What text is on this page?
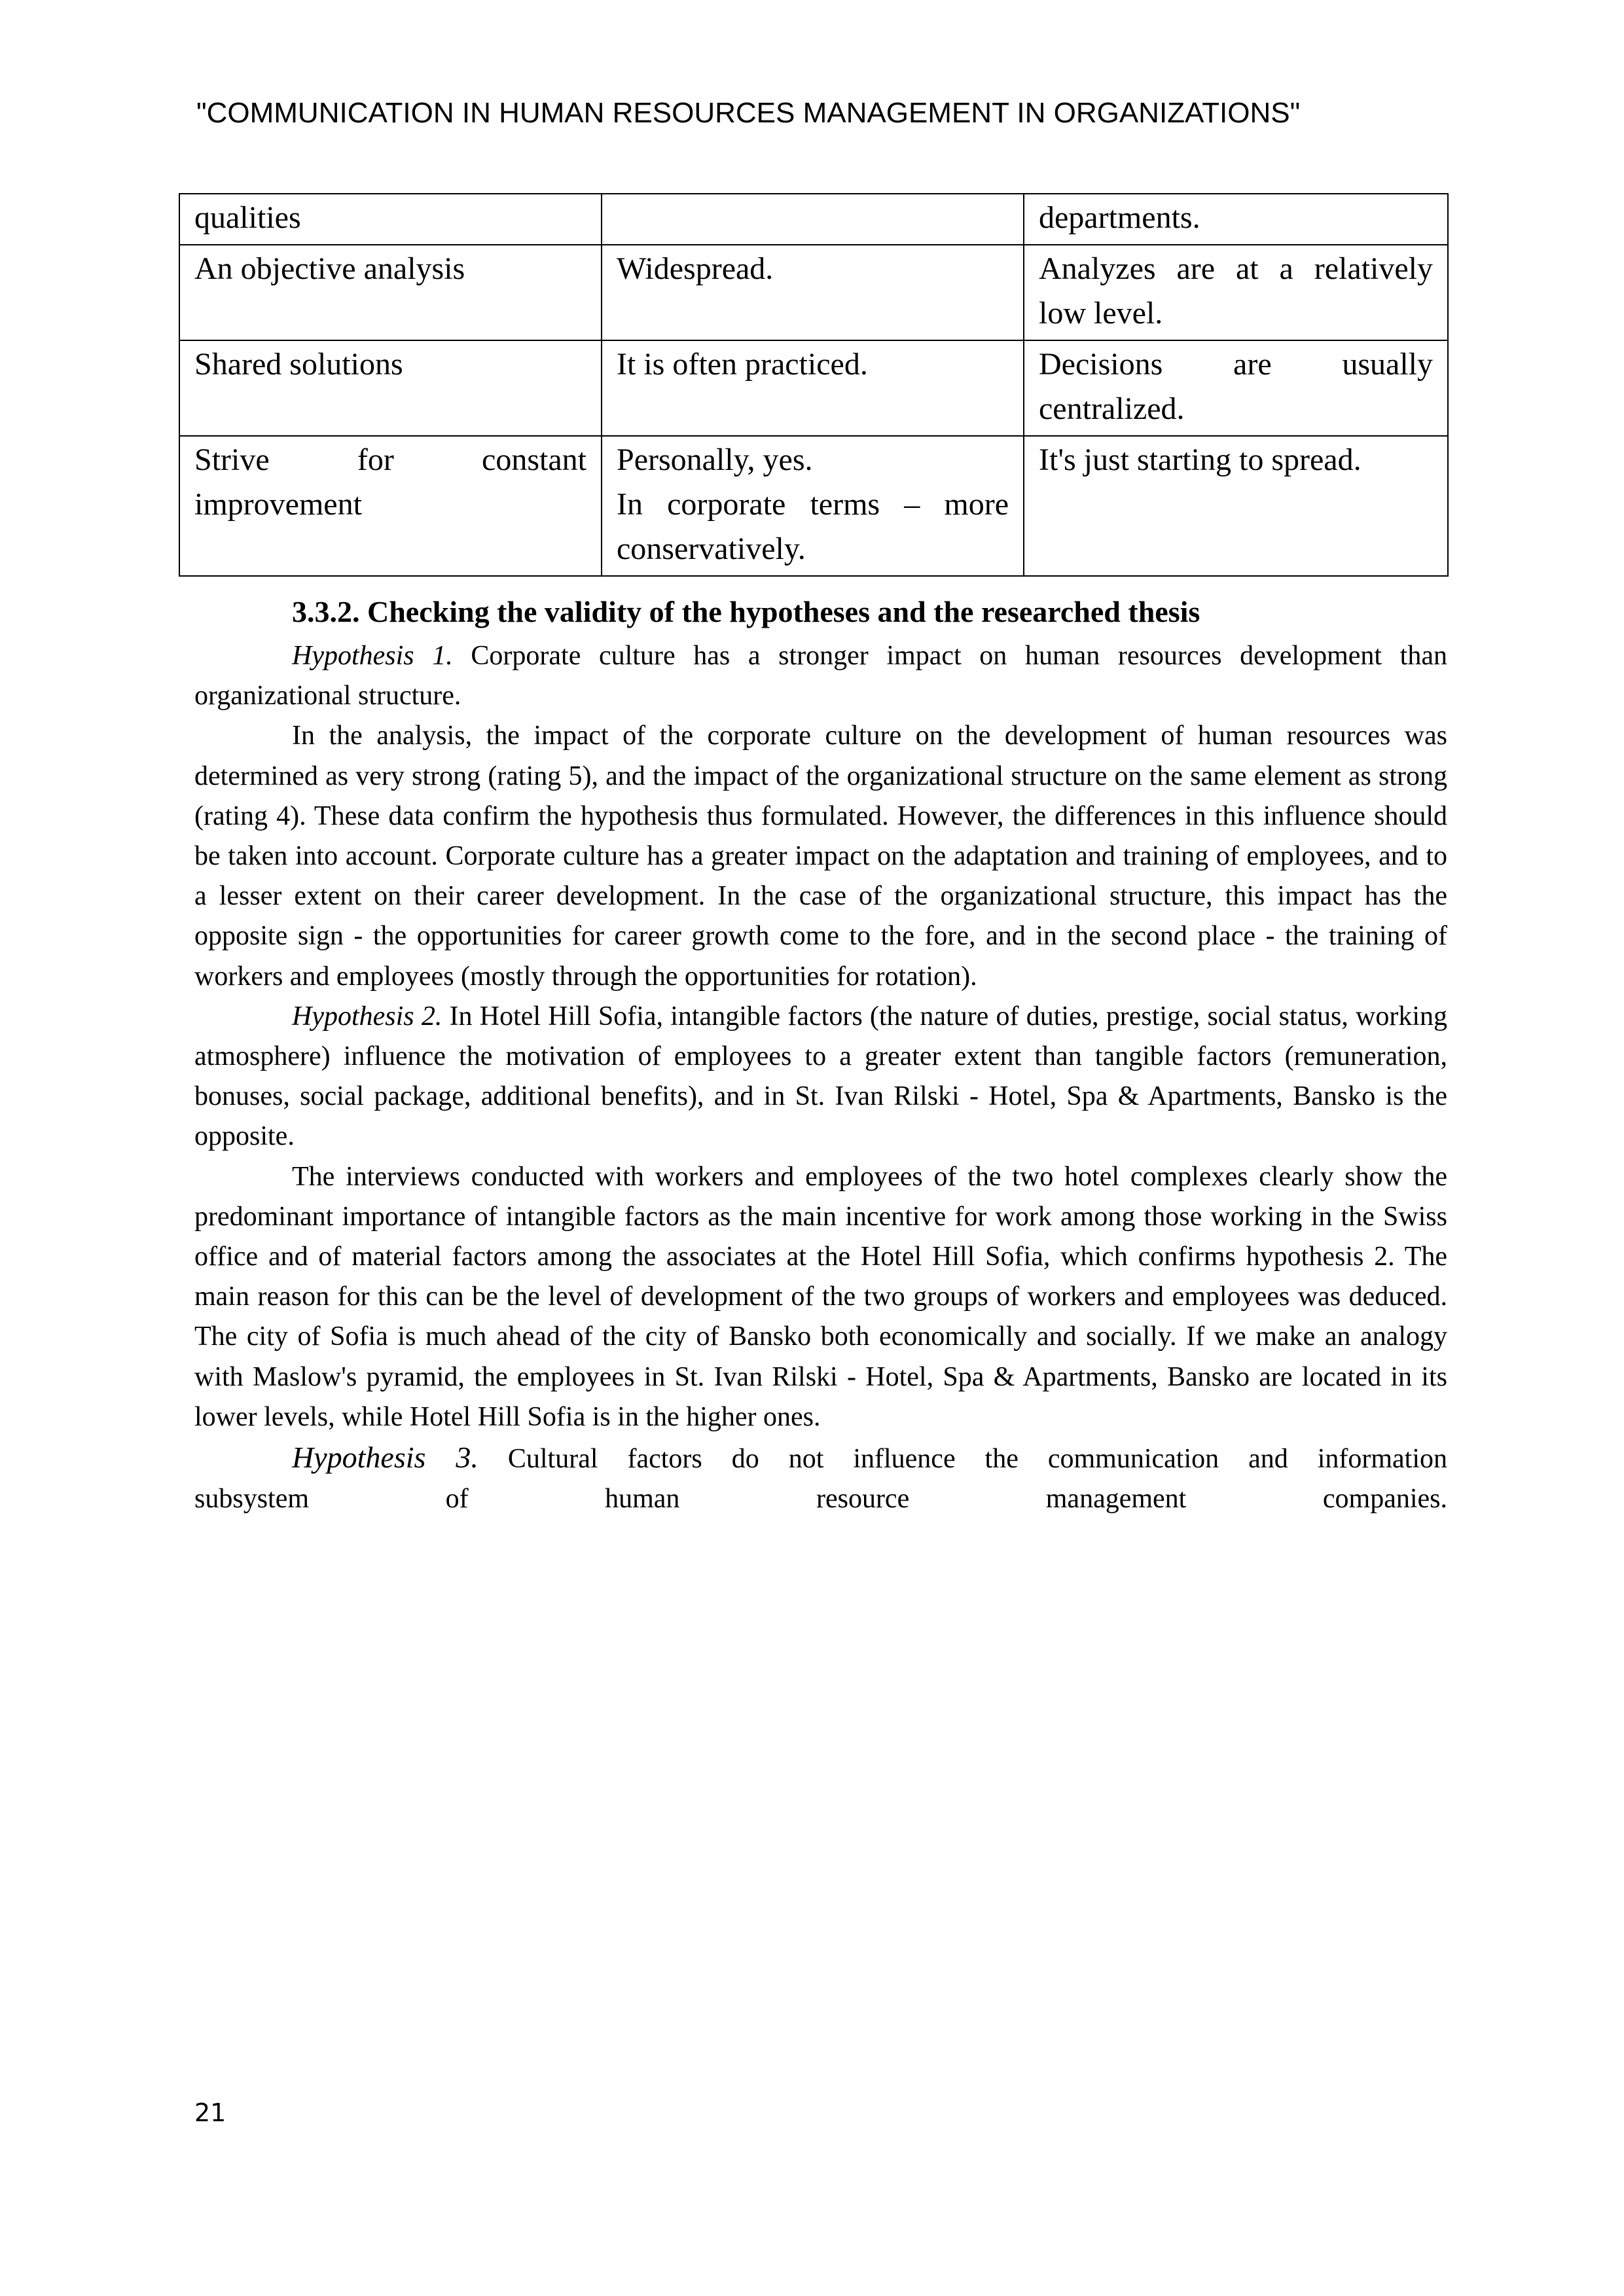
"COMMUNICATION IN HUMAN RESOURCES MANAGEMENT IN ORGANIZATIONS"
qualities		departments.
An objective analysis	Widespread.	Analyzes are at a relatively
low level.

Shared solutions	It is often practiced.	Decisions are usually
centralized.

Strive for constant
improvement	Personally, yes.
In corporate terms – more
conservatively.	It's just starting to spread.
3.3.2. Checking the validity of the hypotheses and the researched thesis

Hypothesis 1. Corporate culture has a stronger impact on human resources development than organizational structure.

In the analysis, the impact of the corporate culture on the development of human resources was determined as very strong (rating 5), and the impact of the organizational structure on the same element as strong (rating 4). These data confirm the hypothesis thus formulated. However, the differences in this influence should be taken into account. Corporate culture has a greater impact on the adaptation and training of employees, and to a lesser extent on their career development. In the case of the organizational structure, this impact has the opposite sign - the opportunities for career growth come to the fore, and in the second place - the training of workers and employees (mostly through the opportunities for rotation).

Hypothesis 2. In Hotel Hill Sofia, intangible factors (the nature of duties, prestige, social status, working atmosphere) influence the motivation of employees to a greater extent than tangible factors (remuneration, bonuses, social package, additional benefits), and in St. Ivan Rilski - Hotel, Spa & Apartments, Bansko is the opposite.

The interviews conducted with workers and employees of the two hotel complexes clearly show the predominant importance of intangible factors as the main incentive for work among those working in the Swiss office and of material factors among the associates at the Hotel Hill Sofia, which confirms hypothesis 2. The main reason for this can be the level of development of the two groups of workers and employees was deduced. The city of Sofia is much ahead of the city of Bansko both economically and socially. If we make an analogy with Maslow's pyramid, the employees in St. Ivan Rilski - Hotel, Spa & Apartments, Bansko are located in its lower levels, while Hotel Hill Sofia is in the higher ones.

Hypothesis 3. Cultural factors do not influence the communication and information

subsystem of human resource management companies.

21
